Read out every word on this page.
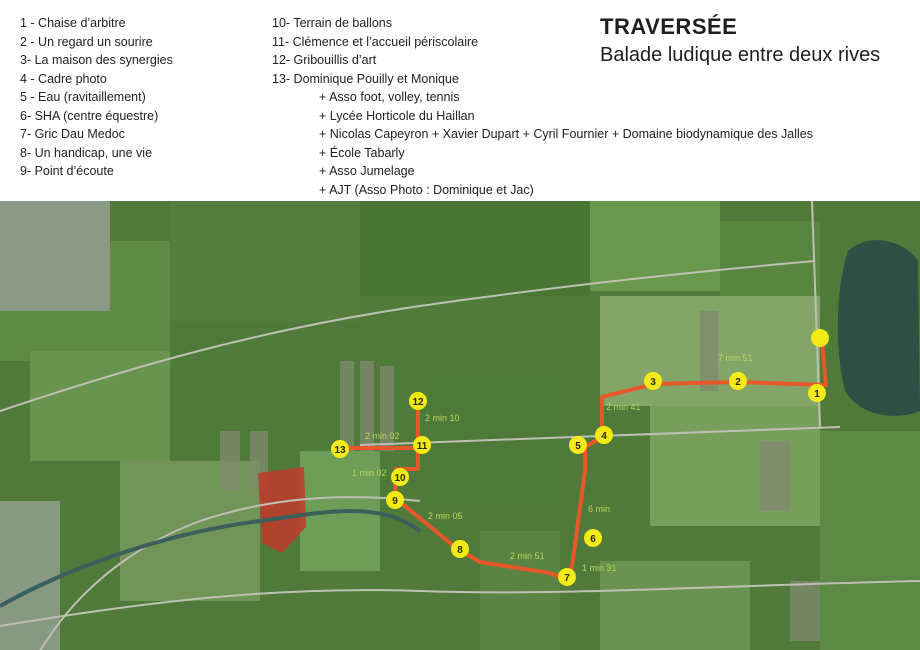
1 - Chaise d’arbitre
2 - Un regard un sourire
3- La maison des synergies
4 - Cadre photo
5 - Eau (ravitaillement)
6- SHA (centre équestre)
7- Gric Dau Medoc
8- Un handicap, une vie
9- Point d’écoute
10- Terrain de ballons
11- Clémence et l’accueil périscolaire
12- Gribouillis d’art
13- Dominique Pouilly et Monique
+ Asso foot, volley, tennis
+ Lycée Horticole du Haillan
+ Nicolas Capeyron + Xavier Dupart + Cyril Fournier + Domaine biodynamique des Jalles
+ École Tabarly
+ Asso Jumelage
+ AJT (Asso Photo : Dominique et Jac)
TRAVERSÉE
Balade ludique entre deux rives
7 min 51
2 min 41
6 min
1 min 31
2 min 51
2 min 05
1 min 02
2 min 02
2 min 10
1
2
3
4
5
6
7
8
9
10
11
12
13
